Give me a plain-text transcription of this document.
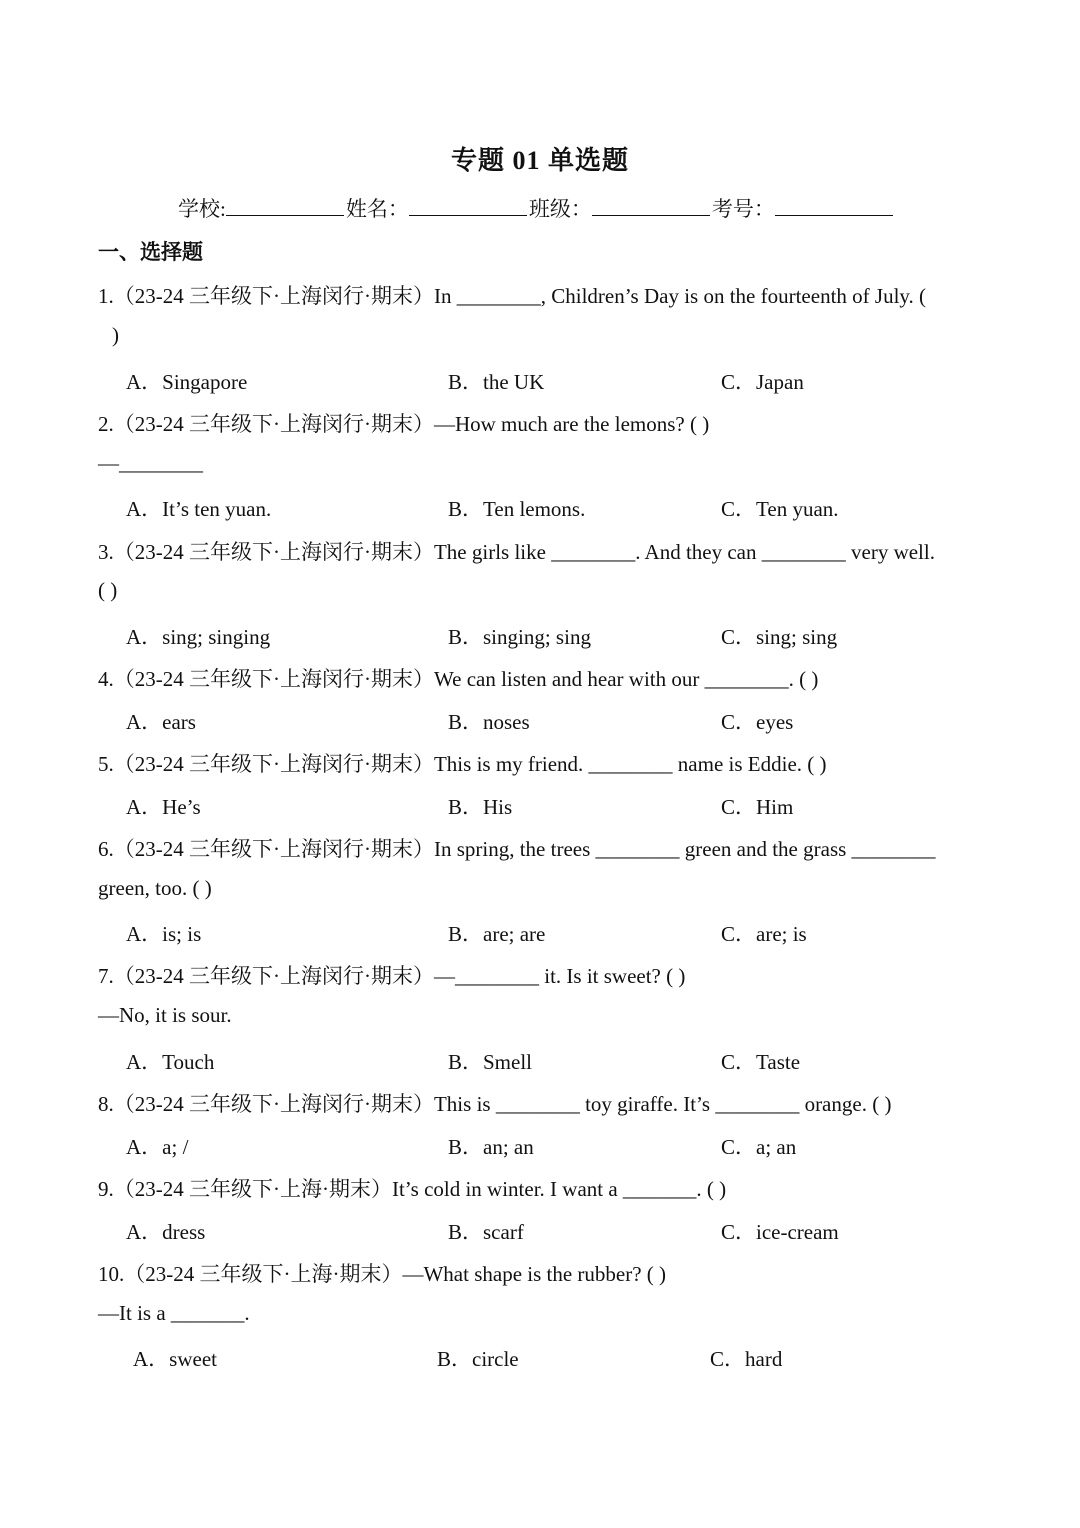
专题 01 单选题
学校:	姓名：	班级：	考号：
一、选择题
1.（23-24 三年级下·上海闵行·期末）In ________, Children’s Day is on the fourteenth of July. (
)
A．Singapore	B．the UK	C．Japan
2.（23-24 三年级下·上海闵行·期末）—How much are the lemons? ( )
—________
A．It’s ten yuan.	B．Ten lemons.	C．Ten yuan.
3.（23-24 三年级下·上海闵行·期末）The girls like ________. And they can ________ very well.
( )
A．sing; singing	B．singing; sing	C．sing; sing
4.（23-24 三年级下·上海闵行·期末）We can listen and hear with our ________. ( )
A．ears	B．noses	C．eyes
5.（23-24 三年级下·上海闵行·期末）This is my friend. ________ name is Eddie. ( )
A．He’s	B．His	C．Him
6.（23-24 三年级下·上海闵行·期末）In spring, the trees ________ green and the grass ________
green, too. ( )
A．is; is	B．are; are	C．are; is
7.（23-24 三年级下·上海闵行·期末）—________ it. Is it sweet? ( )
—No, it is sour.
A．Touch	B．Smell	C．Taste
8.（23-24 三年级下·上海闵行·期末）This is ________ toy giraffe. It’s ________ orange. ( )
A．a; /	B．an; an	C．a; an
9.（23-24 三年级下·上海·期末）It’s cold in winter. I want a _______. ( )
A．dress	B．scarf	C．ice-cream
10.（23-24 三年级下·上海·期末）—What shape is the rubber? ( )
—It is a _______.
A．sweet	B．circle	C．hard
